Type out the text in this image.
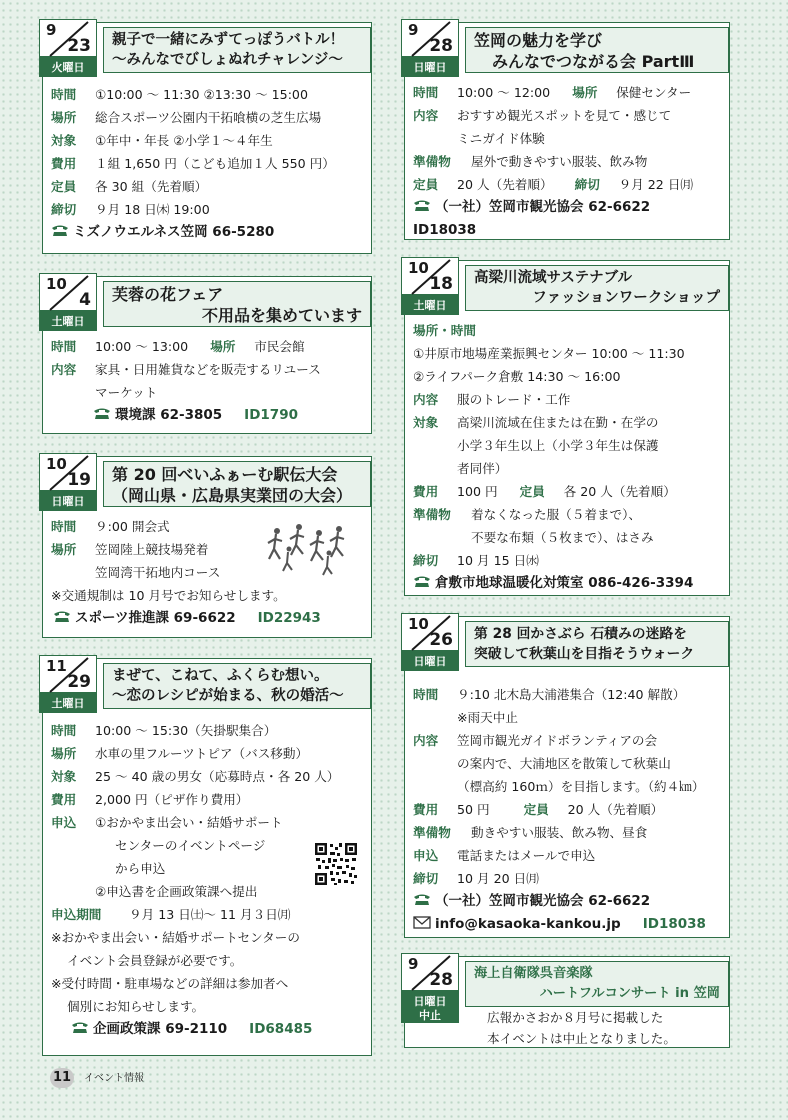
9
23
火曜日
親子で一緒にみずてっぽうバトル！
～みんなでびしょぬれチャレンジ～
時間 ①10:00 ～ 11:30 ②13:30 ～ 15:00
場所 総合スポーツ公園内干拓喰横の芝生広場
対象 ①年中・年長 ②小学１～４年生
費用 １組 1,650 円（こども追加１人 550 円）
定員 各 30 組（先着順）
締切 ９月 18 日㈭ 19:00
ミズノウエルネス笠岡 66-5280
10
4
土曜日
芙蓉の花フェア
不用品を集めています
時間 10:00 ～ 13:00 場所 市民会館
内容 家具・日用雑貨などを販売するリユース
マーケット
環境課 62-3805 ID1790
10
19
日曜日
第 20 回べいふぁーむ駅伝大会
（岡山県・広島県実業団の大会）
時間 ９:00 開会式
場所 笠岡陸上競技場発着
笠岡湾干拓地内コース
※交通規制は 10 月号でお知らせします。
スポーツ推進課 69-6622 ID22943
11
29
土曜日
まぜて、こねて、ふくらむ想い。
～恋のレシピが始まる、秋の婚活～
時間 10:00 ～ 15:30（矢掛駅集合）
場所 水車の里フルーツトピア（バス移動）
対象 25 ～ 40 歳の男女（応募時点・各 20 人）
費用 2,000 円（ピザ作り費用）
申込 ①おかやま出会い・結婚サポート
センターのイベントページ
から申込
②申込書を企画政策課へ提出
申込期間 ９月 13 日㈯～ 11 月３日㈪
※おかやま出会い・結婚サポートセンターの
イベント会員登録が必要です。
※受付時間・駐車場などの詳細は参加者へ
個別にお知らせします。
企画政策課 69-2110 ID68485
9
28
日曜日
笠岡の魅力を学び
みんなでつながる会 PartⅢ
時間 10:00 ～ 12:00 場所 保健センター
内容 おすすめ観光スポットを見て・感じて
ミニガイド体験
準備物 屋外で動きやすい服装、飲み物
定員 20 人（先着順） 締切 ９月 22 日㈪
（一社）笠岡市観光協会 62-6622
ID18038
10
18
土曜日
高梁川流域サステナブル
ファッションワークショップ
場所・時間
①井原市地場産業振興センター 10:00 ～ 11:30
②ライフパーク倉敷 14:30 ～ 16:00
内容 服のトレード・工作
対象 高梁川流域在住または在勤・在学の
小学３年生以上（小学３年生は保護
者同伴）
費用 100 円 定員 各 20 人（先着順）
準備物 着なくなった服（５着まで）、
不要な布類（５枚まで）、はさみ
締切 10 月 15 日㈬
倉敷市地球温暖化対策室 086-426-3394
10
26
日曜日
第 28 回かさぶら 石積みの迷路を
突破して秋葉山を目指そうウォーク
時間 ９:10 北木島大浦港集合（12:40 解散）
※雨天中止
内容 笠岡市観光ガイドボランティアの会
の案内で、大浦地区を散策して秋葉山
（標高約 160ｍ）を目指します。（約４㎞）
費用 50 円	定員 20 人（先着順）
準備物 動きやすい服装、飲み物、昼食
申込 電話またはメールで申込
締切 10 月 20 日㈪
（一社）笠岡市観光協会 62-6622
info@kasaoka-kankou.jp ID18038
9
28
日曜日
中止
海上自衛隊呉音楽隊
ハートフルコンサート in 笠岡
広報かさおか８月号に掲載した
本イベントは中止となりました。
11 イベント情報
